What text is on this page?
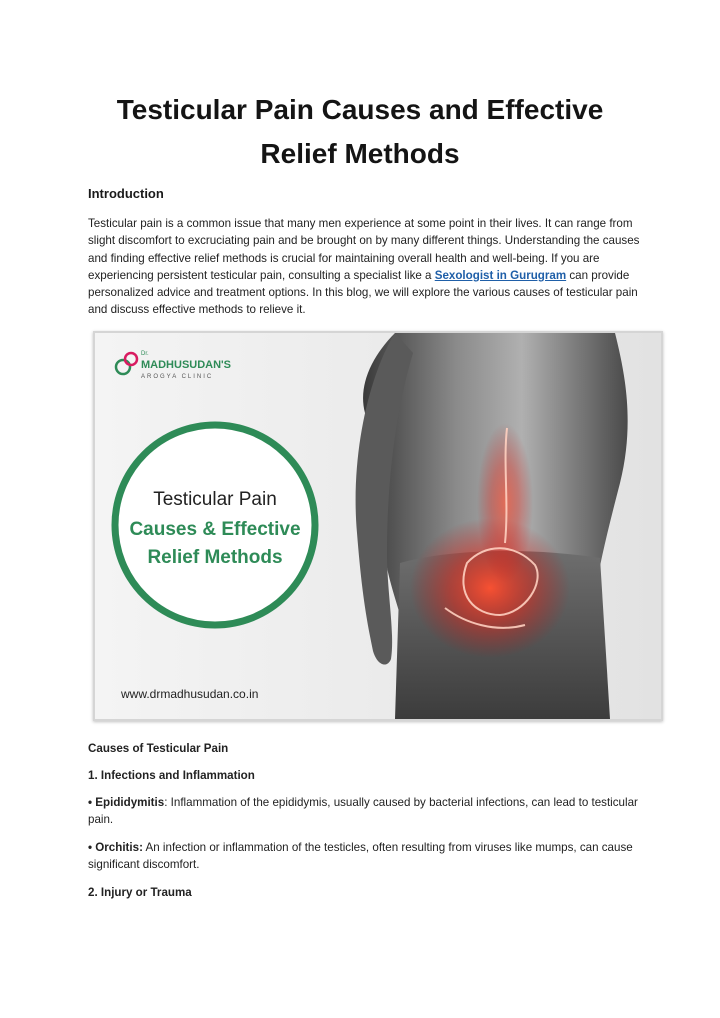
Testicular Pain Causes and Effective
Relief Methods
Introduction
Testicular pain is a common issue that many men experience at some point in their lives. It can range from slight discomfort to excruciating pain and be brought on by many different things. Understanding the causes and finding effective relief methods is crucial for maintaining overall health and well-being. If you are experiencing persistent testicular pain, consulting a specialist like a Sexologist in Gurugram can provide personalized advice and treatment options. In this blog, we will explore the various causes of testicular pain and discuss effective methods to relieve it.
Dr.
MADHUSUDAN'S
AROGYA CLINIC
Testicular Pain
Causes & Effective
Relief Methods
www.drmadhusudan.co.in
Causes of Testicular Pain
1. Infections and Inflammation
• Epididymitis: Inflammation of the epididymis, usually caused by bacterial infections, can lead to testicular pain.
• Orchitis: An infection or inflammation of the testicles, often resulting from viruses like mumps, can cause significant discomfort.
2. Injury or Trauma
